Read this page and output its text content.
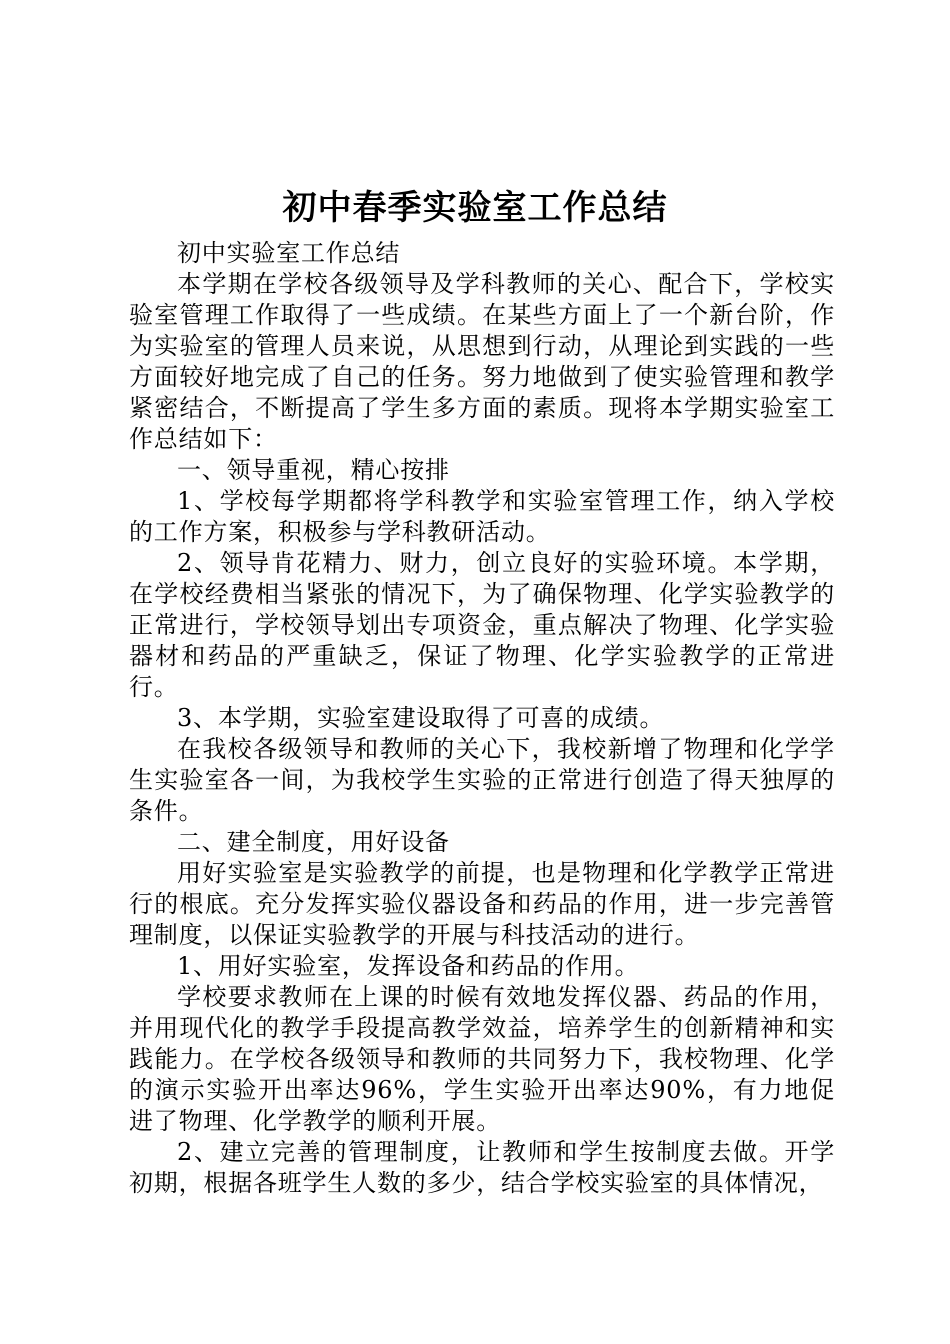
初中春季实验室工作总结

初中实验室工作总结

本学期在学校各级领导及学科教师的关心、配合下，学校实验室管理工作取得了一些成绩。在某些方面上了一个新台阶，作为实验室的管理人员来说，从思想到行动，从理论到实践的一些方面较好地完成了自己的任务。努力地做到了使实验管理和教学紧密结合，不断提高了学生多方面的素质。现将本学期实验室工作总结如下：

一、领导重视，精心按排

1、学校每学期都将学科教学和实验室管理工作，纳入学校的工作方案，积极参与学科教研活动。

2、领导肯花精力、财力，创立良好的实验环境。本学期，在学校经费相当紧张的情况下，为了确保物理、化学实验教学的正常进行，学校领导划出专项资金，重点解决了物理、化学实验器材和药品的严重缺乏，保证了物理、化学实验教学的正常进行。

3、本学期，实验室建设取得了可喜的成绩。

在我校各级领导和教师的关心下，我校新增了物理和化学学生实验室各一间，为我校学生实验的正常进行创造了得天独厚的条件。

二、建全制度，用好设备

用好实验室是实验教学的前提，也是物理和化学教学正常进行的根底。充分发挥实验仪器设备和药品的作用，进一步完善管理制度，以保证实验教学的开展与科技活动的进行。

1、用好实验室，发挥设备和药品的作用。

学校要求教师在上课的时候有效地发挥仪器、药品的作用，并用现代化的教学手段提高教学效益，培养学生的创新精神和实践能力。在学校各级领导和教师的共同努力下，我校物理、化学的演示实验开出率达96%，学生实验开出率达90%，有力地促进了物理、化学教学的顺利开展。

2、建立完善的管理制度，让教师和学生按制度去做。开学初期，根据各班学生人数的多少，结合学校实验室的具体情况，
